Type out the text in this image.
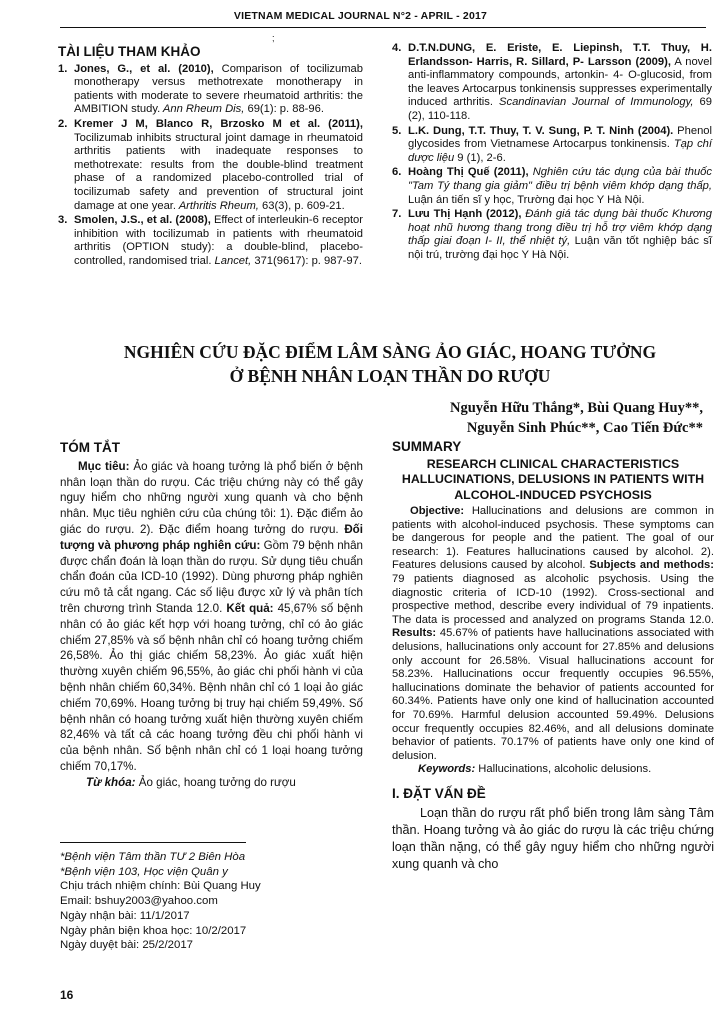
VIETNAM MEDICAL JOURNAL N°2 - APRIL - 2017
;
TÀI LIỆU THAM KHẢO
1. Jones, G., et al. (2010), Comparison of tocilizumab monotherapy versus methotrexate monotherapy in patients with moderate to severe rheumatoid arthritis: the AMBITION study. Ann Rheum Dis, 69(1): p. 88-96.
2. Kremer J M, Blanco R, Brzosko M et al. (2011), Tocilizumab inhibits structural joint damage in rheumatoid arthritis patients with inadequate responses to methotrexate: results from the double-blind treatment phase of a randomized placebo-controlled trial of tocilizumab safety and prevention of structural joint damage at one year. Arthritis Rheum, 63(3), p. 609-21.
3. Smolen, J.S., et al. (2008), Effect of interleukin-6 receptor inhibition with tocilizumab in patients with rheumatoid arthritis (OPTION study): a double-blind, placebo-controlled, randomised trial. Lancet, 371(9617): p. 987-97.
4. D.T.N.DUNG, E. Eriste, E. Liepinsh, T.T. Thuy, H. Erlandsson- Harris, R. Sillard, P- Larsson (2009), A novel anti-inflammatory compounds, artonkin- 4- O-glucosid, from the leaves Artocarpus tonkinensis suppresses experimentally induced arthritis. Scandinavian Journal of Immunology, 69 (2), 110-118.
5. L.K. Dung, T.T. Thuy, T. V. Sung, P. T. Ninh (2004). Phenol glycosides from Vietnamese Artocarpus tonkinensis. Tạp chí dược liệu 9 (1), 2-6.
6. Hoàng Thị Quế (2011), Nghiên cứu tác dụng của bài thuốc "Tam Tý thang gia giảm" điều trị bệnh viêm khớp dạng thấp, Luận án tiến sĩ y học, Trường đại học Y Hà Nội.
7. Lưu Thị Hạnh (2012), Đánh giá tác dụng bài thuốc Khương hoạt nhũ hương thang trong điều trị hỗ trợ viêm khớp dạng thấp giai đoạn I- II, thể nhiệt tý, Luận văn tốt nghiệp bác sĩ nội trú, trường đại học Y Hà Nội.
NGHIÊN CỨU ĐẶC ĐIỂM LÂM SÀNG ẢO GIÁC, HOANG TƯỞNG
Ở BỆNH NHÂN LOẠN THẦN DO RƯỢU
Nguyễn Hữu Thắng*, Bùi Quang Huy**,
Nguyễn Sinh Phúc**, Cao Tiến Đức**
TÓM TẮT

Mục tiêu: Ảo giác và hoang tưởng là phổ biến ở bệnh nhân loạn thần do rượu. Các triệu chứng này có thể gây nguy hiểm cho những người xung quanh và cho bệnh nhân. Mục tiêu nghiên cứu của chúng tôi: 1). Đặc điểm ảo giác do rượu. 2). Đặc điểm hoang tưởng do rượu. Đối tượng và phương pháp nghiên cứu: Gồm 79 bệnh nhân được chẩn đoán là loạn thần do rượu. Sử dụng tiêu chuẩn chẩn đoán của ICD-10 (1992). Dùng phương pháp nghiên cứu mô tả cắt ngang. Các số liệu được xử lý và phân tích trên chương trình Standa 12.0. Kết quả: 45,67% số bệnh nhân có ảo giác kết hợp với hoang tưởng, chỉ có ảo giác chiếm 27,85% và số bệnh nhân chỉ có hoang tưởng chiếm 26,58%. Ảo thị giác chiếm 58,23%. Ảo giác xuất hiện thường xuyên chiếm 96,55%, ảo giác chi phối hành vi của bệnh nhân chiếm 60,34%. Bệnh nhân chỉ có 1 loại ảo giác chiếm 70,69%. Hoang tưởng bị truy hại chiếm 59,49%. Số bệnh nhân có hoang tưởng xuất hiện thường xuyên chiếm 82,46% và tất cả các hoang tưởng đều chi phối hành vi của bệnh nhân. Số bệnh nhân chỉ có 1 loại hoang tưởng chiếm 70,17%.

Từ khóa: Ảo giác, hoang tưởng do rượu

SUMMARY
RESEARCH CLINICAL CHARACTERISTICS HALLUCINATIONS, DELUSIONS IN PATIENTS WITH ALCOHOL-INDUCED PSYCHOSIS

Objective: Hallucinations and delusions are common in patients with alcohol-induced psychosis. These symptoms can be dangerous for people and the patient. The goal of our research: 1). Features hallucinations caused by alcohol. 2). Features delusions caused by alcohol. Subjects and methods: 79 patients diagnosed as alcoholic psychosis. Using the diagnostic criteria of ICD-10 (1992). Cross-sectional and prospective method, describe every individual of 79 inpatients. The data is processed and analyzed on programs Standa 12.0. Results: 45.67% of patients have hallucinations associated with delusions, hallucinations only account for 27.85% and delusions only account for 26.58%. Visual hallucinations account for 58.23%. Hallucinations occur frequently occupies 96.55%, hallucinations dominate the behavior of patients accounted for 60.34%. Patients have only one kind of hallucination accounted for 70.69%. Harmful delusion accounted 59.49%. Delusions occur frequently occupies 82.46%, and all delusions dominate behavior of patients. 70.17% of patients have only one kind of delusion.

Keywords: Hallucinations, alcoholic delusions.

I. ĐẶT VẤN ĐỀ
Loạn thần do rượu rất phổ biến trong lâm sàng Tâm thần. Hoang tưởng và ảo giác do rượu là các triệu chứng loạn thần nặng, có thể gây nguy hiểm cho những người xung quanh và cho
*Bệnh viện Tâm thần TƯ 2 Biên Hòa
*Bệnh viện 103, Học viện Quân y
Chịu trách nhiệm chính: Bùi Quang Huy
Email: bshuy2003@yahoo.com
Ngày nhận bài: 11/1/2017
Ngày phản biện khoa học: 10/2/2017
Ngày duyệt bài: 25/2/2017
16
